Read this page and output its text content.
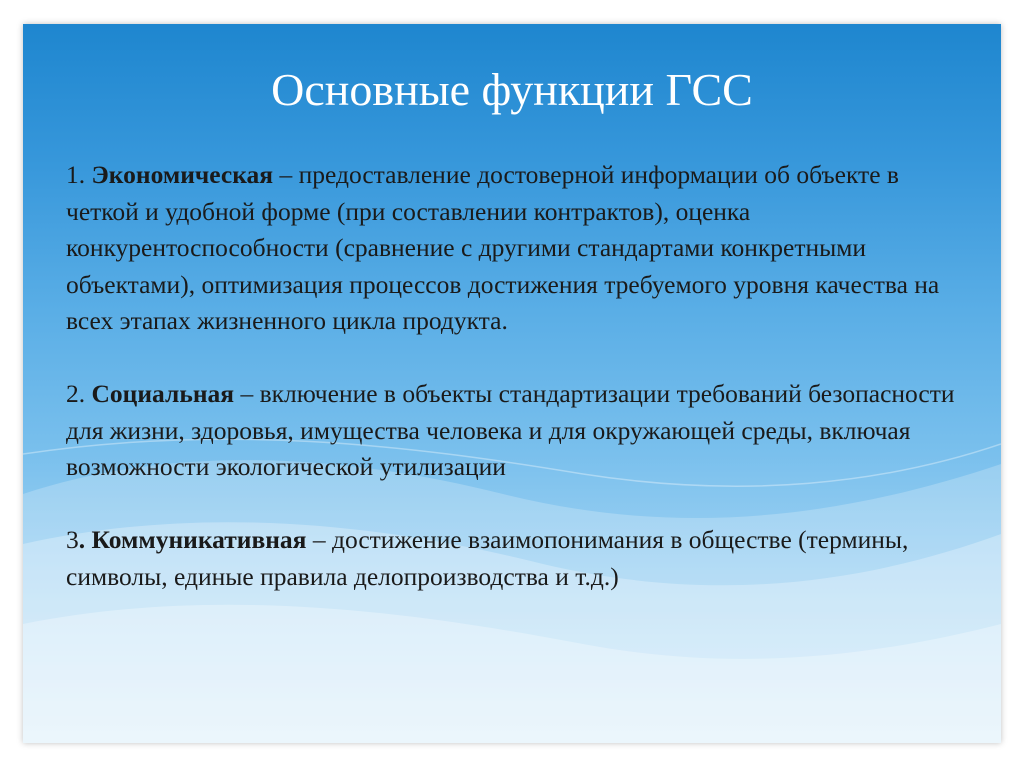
Основные функции ГСС

1. Экономическая – предоставление достоверной информации об объекте в четкой и удобной форме (при составлении контрактов), оценка конкурентоспособности (сравнение с другими стандартами конкретными объектами), оптимизация процессов достижения требуемого уровня качества на всех этапах жизненного цикла продукта.

2. Социальная – включение в объекты стандартизации требований безопасности для жизни, здоровья, имущества человека и для окружающей среды, включая возможности экологической утилизации

3. Коммуникативная – достижение взаимопонимания в обществе (термины, символы, единые правила делопроизводства и т.д.)
